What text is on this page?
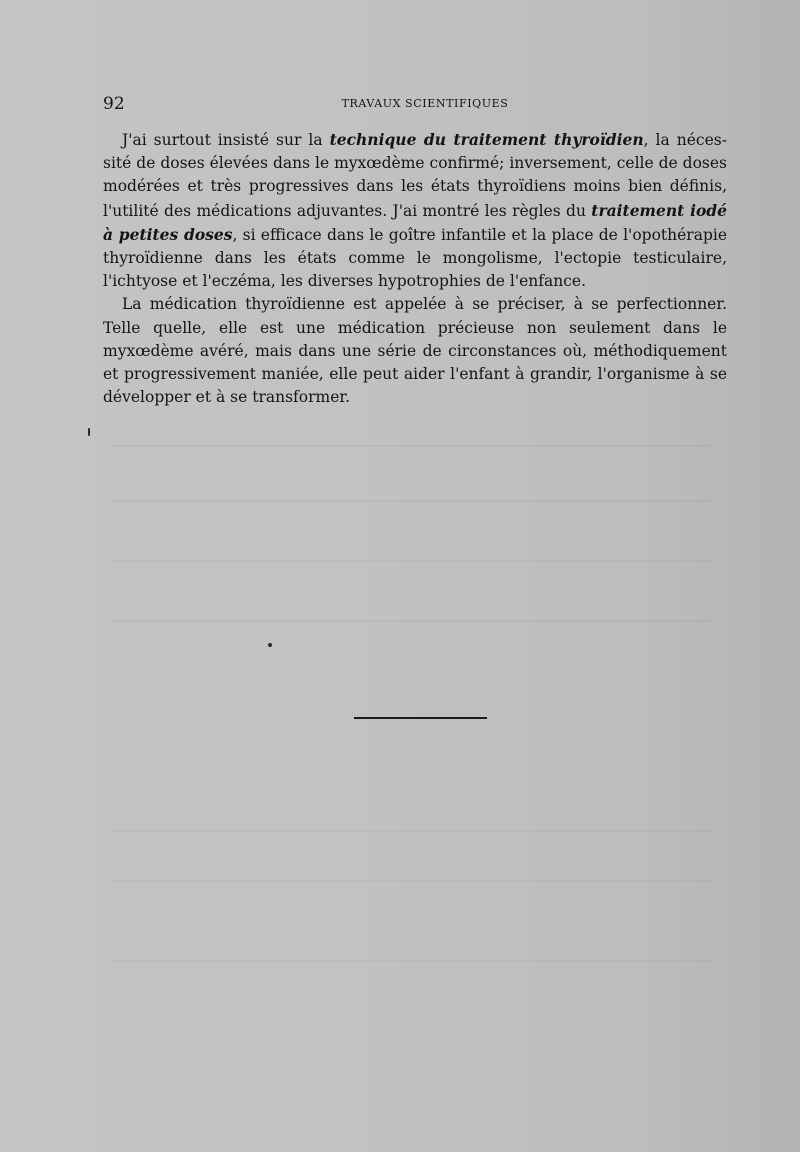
92	TRAVAUX SCIENTIFIQUES

J'ai surtout insisté sur la technique du traitement thyroïdien, la nécessité de doses élevées dans le myxœdème confirmé; inversement, celle de doses modérées et très progressives dans les états thyroïdiens moins bien définis, l'utilité des médications adjuvantes. J'ai montré les règles du traitement iodé à petites doses, si efficace dans le goître infantile et la place de l'opothérapie thyroïdienne dans les états comme le mongolisme, l'ectopie testiculaire, l'ichtyose et l'eczéma, les diverses hypotrophies de l'enfance.

La médication thyroïdienne est appelée à se préciser, à se perfectionner. Telle quelle, elle est une médication précieuse non seulement dans le myxœdème avéré, mais dans une série de circonstances où, méthodiquement et progressivement maniée, elle peut aider l'enfant à grandir, l'organisme à se développer et à se transformer.
